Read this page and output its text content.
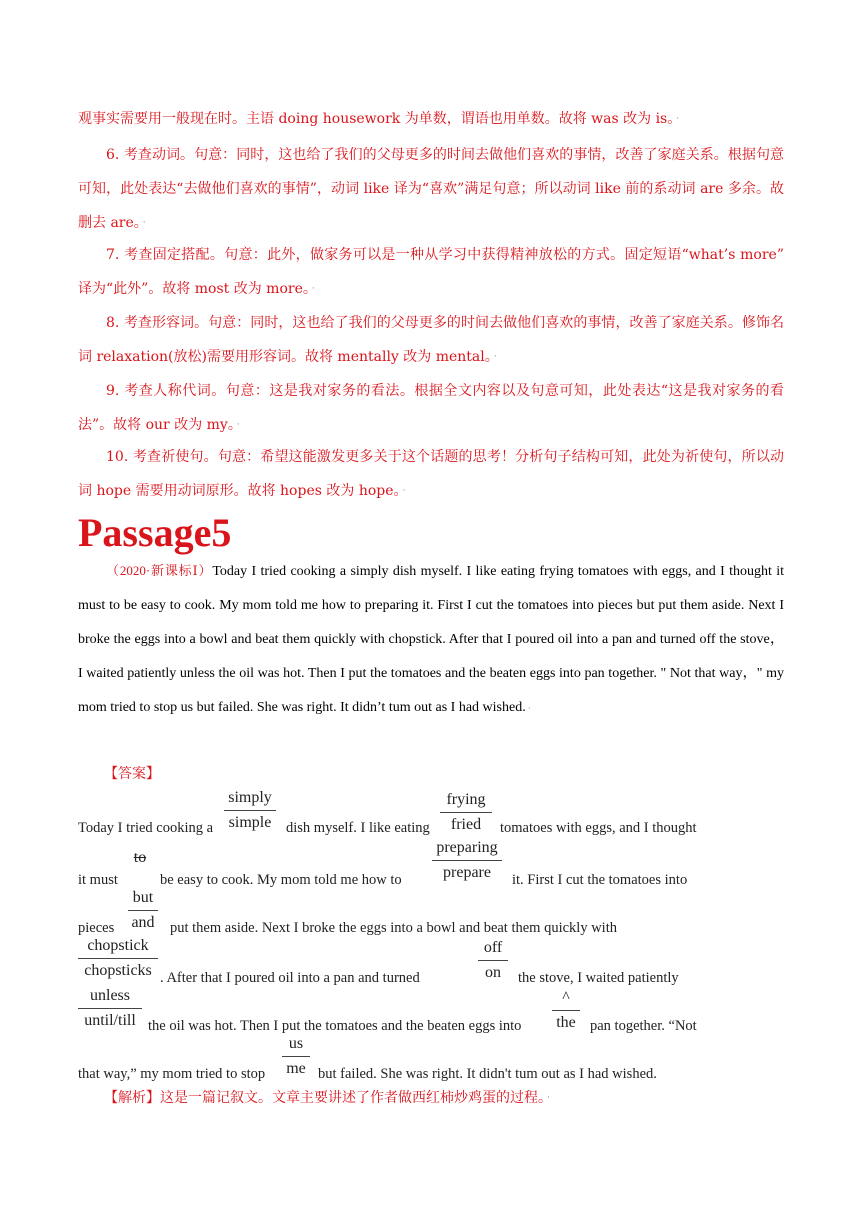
观事实需要用一般现在时。主语 doing housework 为单数，谓语也用单数。故将 was 改为 is。 ·

6. 考查动词。句意：同时，这也给了我们的父母更多的时间去做他们喜欢的事情，改善了家庭关系。根据句意可知，此处表达“去做他们喜欢的事情”，动词 like 译为“喜欢”满足句意；所以动词 like 前的系动词 are 多余。故删去 are。 ·

7. 考查固定搭配。句意：此外，做家务可以是一种从学习中获得精神放松的方式。固定短语“what’s more” 译为“此外”。故将 most 改为 more。 ·

8. 考查形容词。句意：同时，这也给了我们的父母更多的时间去做他们喜欢的事情，改善了家庭关系。修饰名词 relaxation(放松)需要用形容词。故将 mentally 改为 mental。 ·

9. 考查人称代词。句意：这是我对家务的看法。根据全文内容以及句意可知，此处表达“这是我对家务的看法”。故将 our 改为 my。 ·

10. 考查祈使句。句意：希望这能激发更多关于这个话题的思考！分析句子结构可知，此处为祈使句，所以动词 hope 需要用动词原形。故将 hopes 改为 hope。 ·

Passage5

（2020·新课标Ⅰ）Today I tried cooking a simply dish myself. I like eating frying tomatoes with eggs, and I thought it must to be easy to cook. My mom told me how to preparing it. First I cut the tomatoes into pieces but put them aside. Next I broke the eggs into a bowl and beat them quickly with chopstick. After that I poured oil into a pan and turned off the stove， I waited patiently unless the oil was hot. Then I put the tomatoes and the beaten eggs into pan together. " Not that way，" my mom tried to stop us but failed. She was right. It didn’t tum out as I had wished. ·

【答案】
Today I tried cooking a	dish myself. I like eating	tomatoes with eggs, and I thought
simply
simple
frying
fried
it must	be easy to cook. My mom told me how to	it. First I cut the tomatoes into
to
preparing
prepare
pieces	put them aside. Next I broke the eggs into a bowl and beat them quickly with
but
and
. After that I poured oil into a pan and turned	the stove, I waited patiently
chopstick
chopsticks
off
on
the oil was hot. Then I put the tomatoes and the beaten eggs into	pan together. “Not
unless
until/till
^
the
that way,” my mom tried to stop	but failed. She was right. It didn't tum out as I had wished.
us
me
【解析】这是一篇记叙文。文章主要讲述了作者做西红柿炒鸡蛋的过程。 ·
